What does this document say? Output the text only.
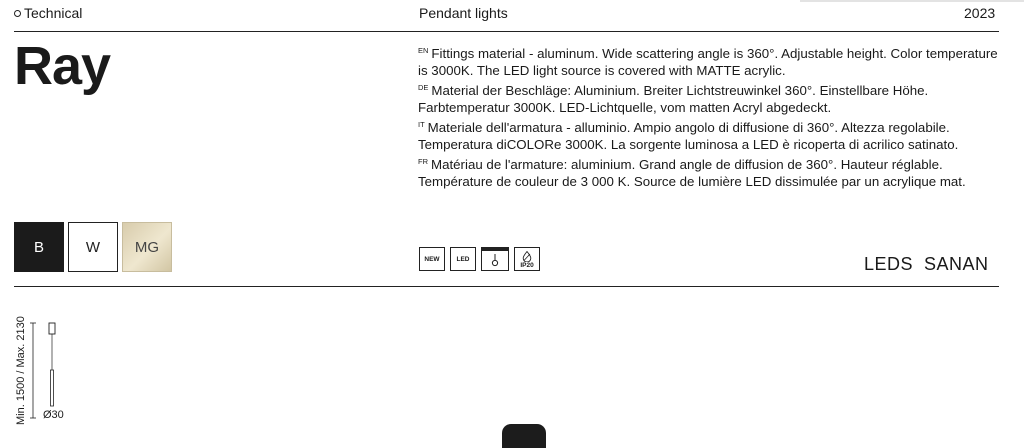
Technical	Pendant lights	2023
Ray	$^{EN}$ Fittings material - aluminum. Wide scattering angle is 360°. Adjustable height. Color temperature is 3000K. The LED light source is covered with MATTE acrylic.

$^{DE}$ Material der Beschläge: Aluminium. Breiter Lichtstreuwinkel 360°. Einstellbare Höhe. Farbtemperatur 3000K. LED-Lichtquelle, vom matten Acryl abgedeckt.

$^{IT}$ Materiale dell'armatura - alluminio. Ampio angolo di diffusione di 360°. Altezza regolabile. Temperatura diCOLORe 3000K. La sorgente luminosa a LED è ricoperta di acrilico satinato.

$^{FR}$ Matériau de l'armature: aluminium. Grand angle de diffusion de 360°. Hauteur réglable. Température de couleur de 3 000 K. Source de lumière LED dissimulée par un acrylique mat.

B	W	MG
NEW	LED
IP20	LEDS  SANAN
Min. 1500 / Max. 2130 Ø30
